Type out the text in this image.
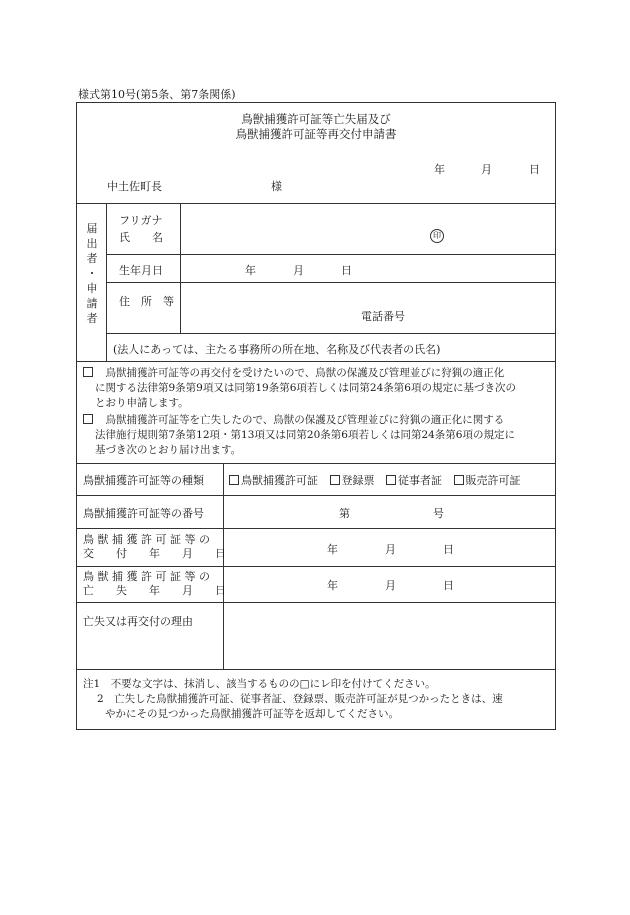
様式第10号(第5条、第7条関係)
鳥獣捕獲許可証等亡失届及び
鳥獣捕獲許可証等再交付申請書
年	月	日
中土佐町長	様
届
出
者
・
申
請
者
フリガナ
氏　　名	印
生年月日	年	月	日
住　所　等
電話番号
(法人にあっては、主たる事務所の所在地、名称及び代表者の氏名)
　鳥獣捕獲許可証等の再交付を受けたいので、鳥獣の保護及び管理並びに狩猟の適正化
に関する法律第9条第9項又は同第19条第6項若しくは同第24条第6項の規定に基づき次の
とおり申請します。
　鳥獣捕獲許可証等を亡失したので、鳥獣の保護及び管理並びに狩猟の適正化に関する
法律施行規則第7条第12項・第13項又は同第20条第6項若しくは同第24条第6項の規定に
基づき次のとおり届け出ます。
鳥獣捕獲許可証等の種類	鳥獣捕獲許可証 登録票 従事者証 販売許可証
鳥獣捕獲許可証等の番号	第	号
鳥 獣 捕 獲 許 可 証 等 の
交　　付　　年　　月　　日	年	月	日
鳥 獣 捕 獲 許 可 証 等 の
亡　　失　　年　　月　　日	年	月	日
亡失又は再交付の理由
注1　 不要な文字は、抹消し、該当するものの□にレ印を付けてください。
2　 亡失した鳥獣捕獲許可証、従事者証、登録票、販売許可証が見つかったときは、速
やかにその見つかった鳥獣捕獲許可証等を返却してください。
